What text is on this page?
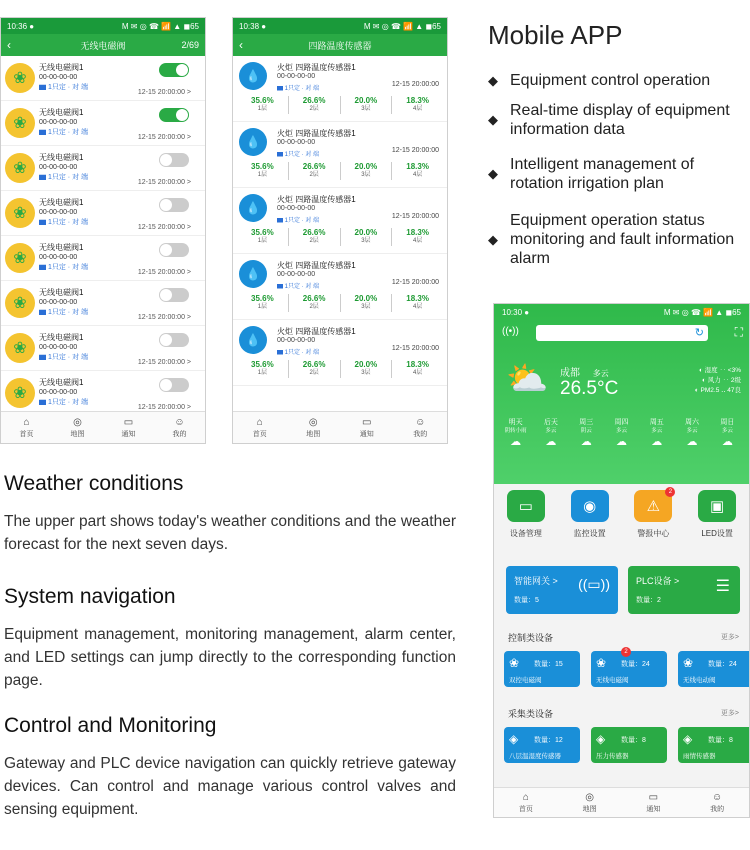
10:36 ●	M ✉ ◎ ☎ 📶 ▲ ◼65
‹	无线电磁阀	2/69
❀
无线电磁阀1
00-00-00-00
▆ 1只定 · 对 端
12-15 20:00:00 >
❀
无线电磁阀1
00-00-00-00
▆ 1只定 · 对 端
12-15 20:00:00 >
❀
无线电磁阀1
00-00-00-00
▆ 1只定 · 对 端
12-15 20:00:00 >
❀
无线电磁阀1
00-00-00-00
▆ 1只定 · 对 端
12-15 20:00:00 >
❀
无线电磁阀1
00-00-00-00
▆ 1只定 · 对 端
12-15 20:00:00 >
❀
无线电磁阀1
00-00-00-00
▆ 1只定 · 对 端
12-15 20:00:00 >
❀
无线电磁阀1
00-00-00-00
▆ 1只定 · 对 端
12-15 20:00:00 >
❀
无线电磁阀1
00-00-00-00
▆ 1只定 · 对 端
12-15 20:00:00 >
⌂
首页
◎
地图
▭
通知
☺
我的
10:38 ●	M ✉ ◎ ☎ 📶 ▲ ◼65
‹	四路温度传感器
💧
火炬 四路温度传感器1
00-00-00-00
▆ 1只定 · 对 端
12-15 20:00:00
35.6%
1层
26.6%
2层
20.0%
3层
18.3%
4层
💧
火炬 四路温度传感器1
00-00-00-00
▆ 1只定 · 对 端
12-15 20:00:00
35.6%
1层
26.6%
2层
20.0%
3层
18.3%
4层
💧
火炬 四路温度传感器1
00-00-00-00
▆ 1只定 · 对 端
12-15 20:00:00
35.6%
1层
26.6%
2层
20.0%
3层
18.3%
4层
💧
火炬 四路温度传感器1
00-00-00-00
▆ 1只定 · 对 端
12-15 20:00:00
35.6%
1层
26.6%
2层
20.0%
3层
18.3%
4层
💧
火炬 四路温度传感器1
00-00-00-00
▆ 1只定 · 对 端
12-15 20:00:00
35.6%
1层
26.6%
2层
20.0%
3层
18.3%
4层
⌂
首页
◎
地图
▭
通知
☺
我的
Mobile APP
◆ Equipment control operation
◆
Real-time display of equipment information data
◆
Intelligent management of rotation irrigation plan
◆
Equipment operation status monitoring and fault information alarm
Weather conditions

The upper part shows today's weather conditions and the weather forecast for the next seven days.

System navigation

Equipment management, monitoring management, alarm center, and LED settings can jump directly to the corresponding function page.

Control and Monitoring

Gateway and PLC device navigation can quickly retrieve gateway devices. Can control and manage various control valves and sensing equipment.

10:30 ●	M ✉ ◎ ☎ 📶 ▲ ◼65
((•))	↻	⛶
⛅ 成都 多云
26.5°C
◐ 湿度 ‥ <3%
◐ 风力 ‥ 2级
◐ PM2.5 ‥ 47良
明天
阴转小雨
☁
后天
多云
☁
周三
阴云
☁
周四
多云
☁
周五
多云
☁
周六
多云
☁
周日
多云
☁
▭
设备管理
◉
监控设置
⚠
2
警报中心
▣
LED设置
智能网关 >
数量：5
((▭))	PLC设备 >
数量：2
☰
控制类设备	更多>
❀ 数量：15
双控电磁阀
❀ 数量：24
无线电磁阀
2
❀ 数量：24
无线电动阀
采集类设备	更多>
◈ 数量：12
八层温湿度传感器
◈ 数量：8
压力传感器
◈ 数量：8
雨情传感器
⌂
首页
◎
地图
▭
通知
☺
我的
